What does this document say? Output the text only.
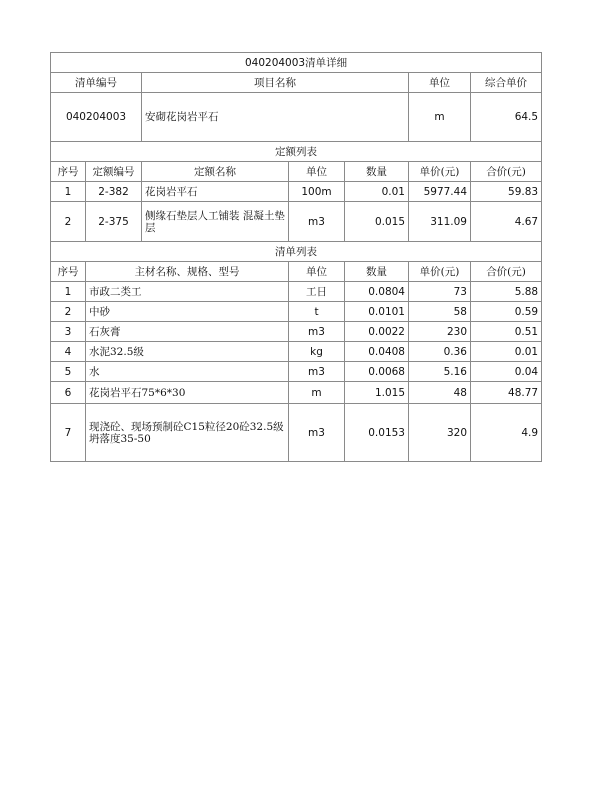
040204003清单详细						
清单编号		项目名称			单位	综合单价
040204003		安砌花岗岩平石			m	64.5
定额列表						
序号	定额编号	定额名称	单位	数量	单价(元)	合价(元)
1	2-382	花岗岩平石	100m	0.01	5977.44	59.83
2	2-375	侧缘石垫层人工铺装 混凝土垫层	m3	0.015	311.09	4.67
清单列表						
序号	主材名称、规格、型号		单位	数量	单价(元)	合价(元)
1	市政二类工		工日	0.0804	73	5.88
2	中砂		t	0.0101	58	0.59
3	石灰膏		m3	0.0022	230	0.51
4	水泥32.5级		kg	0.0408	0.36	0.01
5	水		m3	0.0068	5.16	0.04
6	花岗岩平石75*6*30		m	1.015	48	48.77
7	现浇砼、现场预制砼C15粒径20砼32.5级坍落度35-50		m3	0.0153	320	4.9
